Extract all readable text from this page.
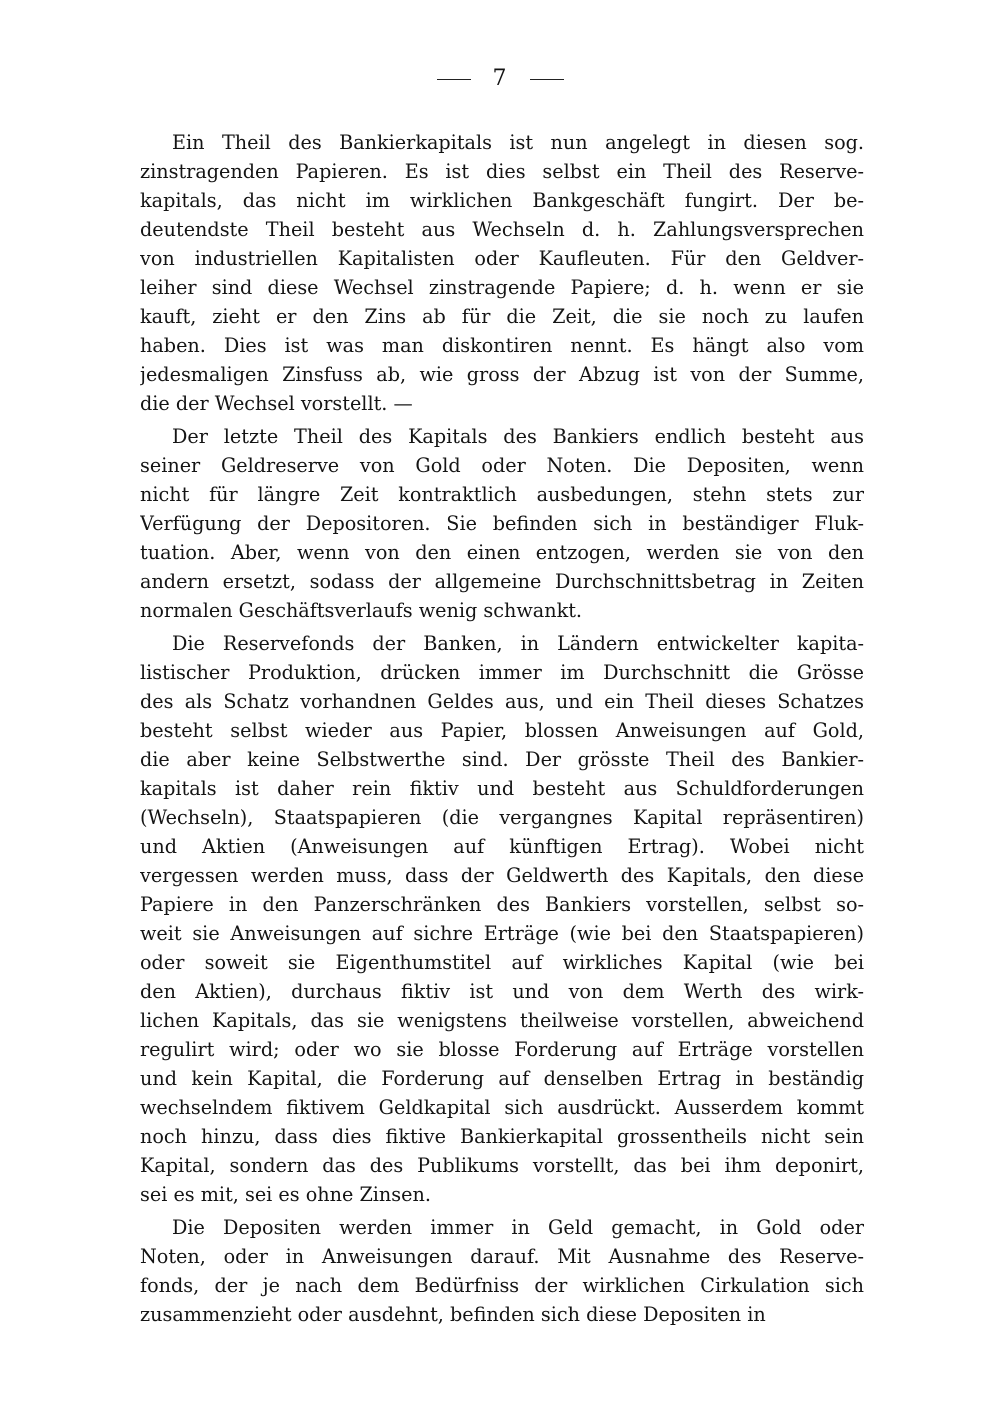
7
Ein Theil des Bankierkapitals ist nun angelegt in diesen sog.
zinstragenden Papieren. Es ist dies selbst ein Theil des Reserve-
kapitals, das nicht im wirklichen Bankgeschäft fungirt. Der be-
deutendste Theil besteht aus Wechseln d. h. Zahlungsversprechen
von industriellen Kapitalisten oder Kaufleuten. Für den Geldver-
leiher sind diese Wechsel zinstragende Papiere; d. h. wenn er sie
kauft, zieht er den Zins ab für die Zeit, die sie noch zu laufen
haben. Dies ist was man diskontiren nennt. Es hängt also vom
jedesmaligen Zinsfuss ab, wie gross der Abzug ist von der Summe,
die der Wechsel vorstellt. —
Der letzte Theil des Kapitals des Bankiers endlich besteht aus
seiner Geldreserve von Gold oder Noten. Die Depositen, wenn
nicht für längre Zeit kontraktlich ausbedungen, stehn stets zur
Verfügung der Depositoren. Sie befinden sich in beständiger Fluk-
tuation. Aber, wenn von den einen entzogen, werden sie von den
andern ersetzt, sodass der allgemeine Durchschnittsbetrag in Zeiten
normalen Geschäftsverlaufs wenig schwankt.
Die Reservefonds der Banken, in Ländern entwickelter kapita-
listischer Produktion, drücken immer im Durchschnitt die Grösse
des als Schatz vorhandnen Geldes aus, und ein Theil dieses Schatzes
besteht selbst wieder aus Papier, blossen Anweisungen auf Gold,
die aber keine Selbstwerthe sind. Der grösste Theil des Bankier-
kapitals ist daher rein fiktiv und besteht aus Schuldforderungen
(Wechseln), Staatspapieren (die vergangnes Kapital repräsentiren)
und Aktien (Anweisungen auf künftigen Ertrag). Wobei nicht
vergessen werden muss, dass der Geldwerth des Kapitals, den diese
Papiere in den Panzerschränken des Bankiers vorstellen, selbst so-
weit sie Anweisungen auf sichre Erträge (wie bei den Staatspapieren)
oder soweit sie Eigenthumstitel auf wirkliches Kapital (wie bei
den Aktien), durchaus fiktiv ist und von dem Werth des wirk-
lichen Kapitals, das sie wenigstens theilweise vorstellen, abweichend
regulirt wird; oder wo sie blosse Forderung auf Erträge vorstellen
und kein Kapital, die Forderung auf denselben Ertrag in beständig
wechselndem fiktivem Geldkapital sich ausdrückt. Ausserdem kommt
noch hinzu, dass dies fiktive Bankierkapital grossentheils nicht sein
Kapital, sondern das des Publikums vorstellt, das bei ihm deponirt,
sei es mit, sei es ohne Zinsen.
Die Depositen werden immer in Geld gemacht, in Gold oder
Noten, oder in Anweisungen darauf. Mit Ausnahme des Reserve-
fonds, der je nach dem Bedürfniss der wirklichen Cirkulation sich
zusammenzieht oder ausdehnt, befinden sich diese Depositen in
